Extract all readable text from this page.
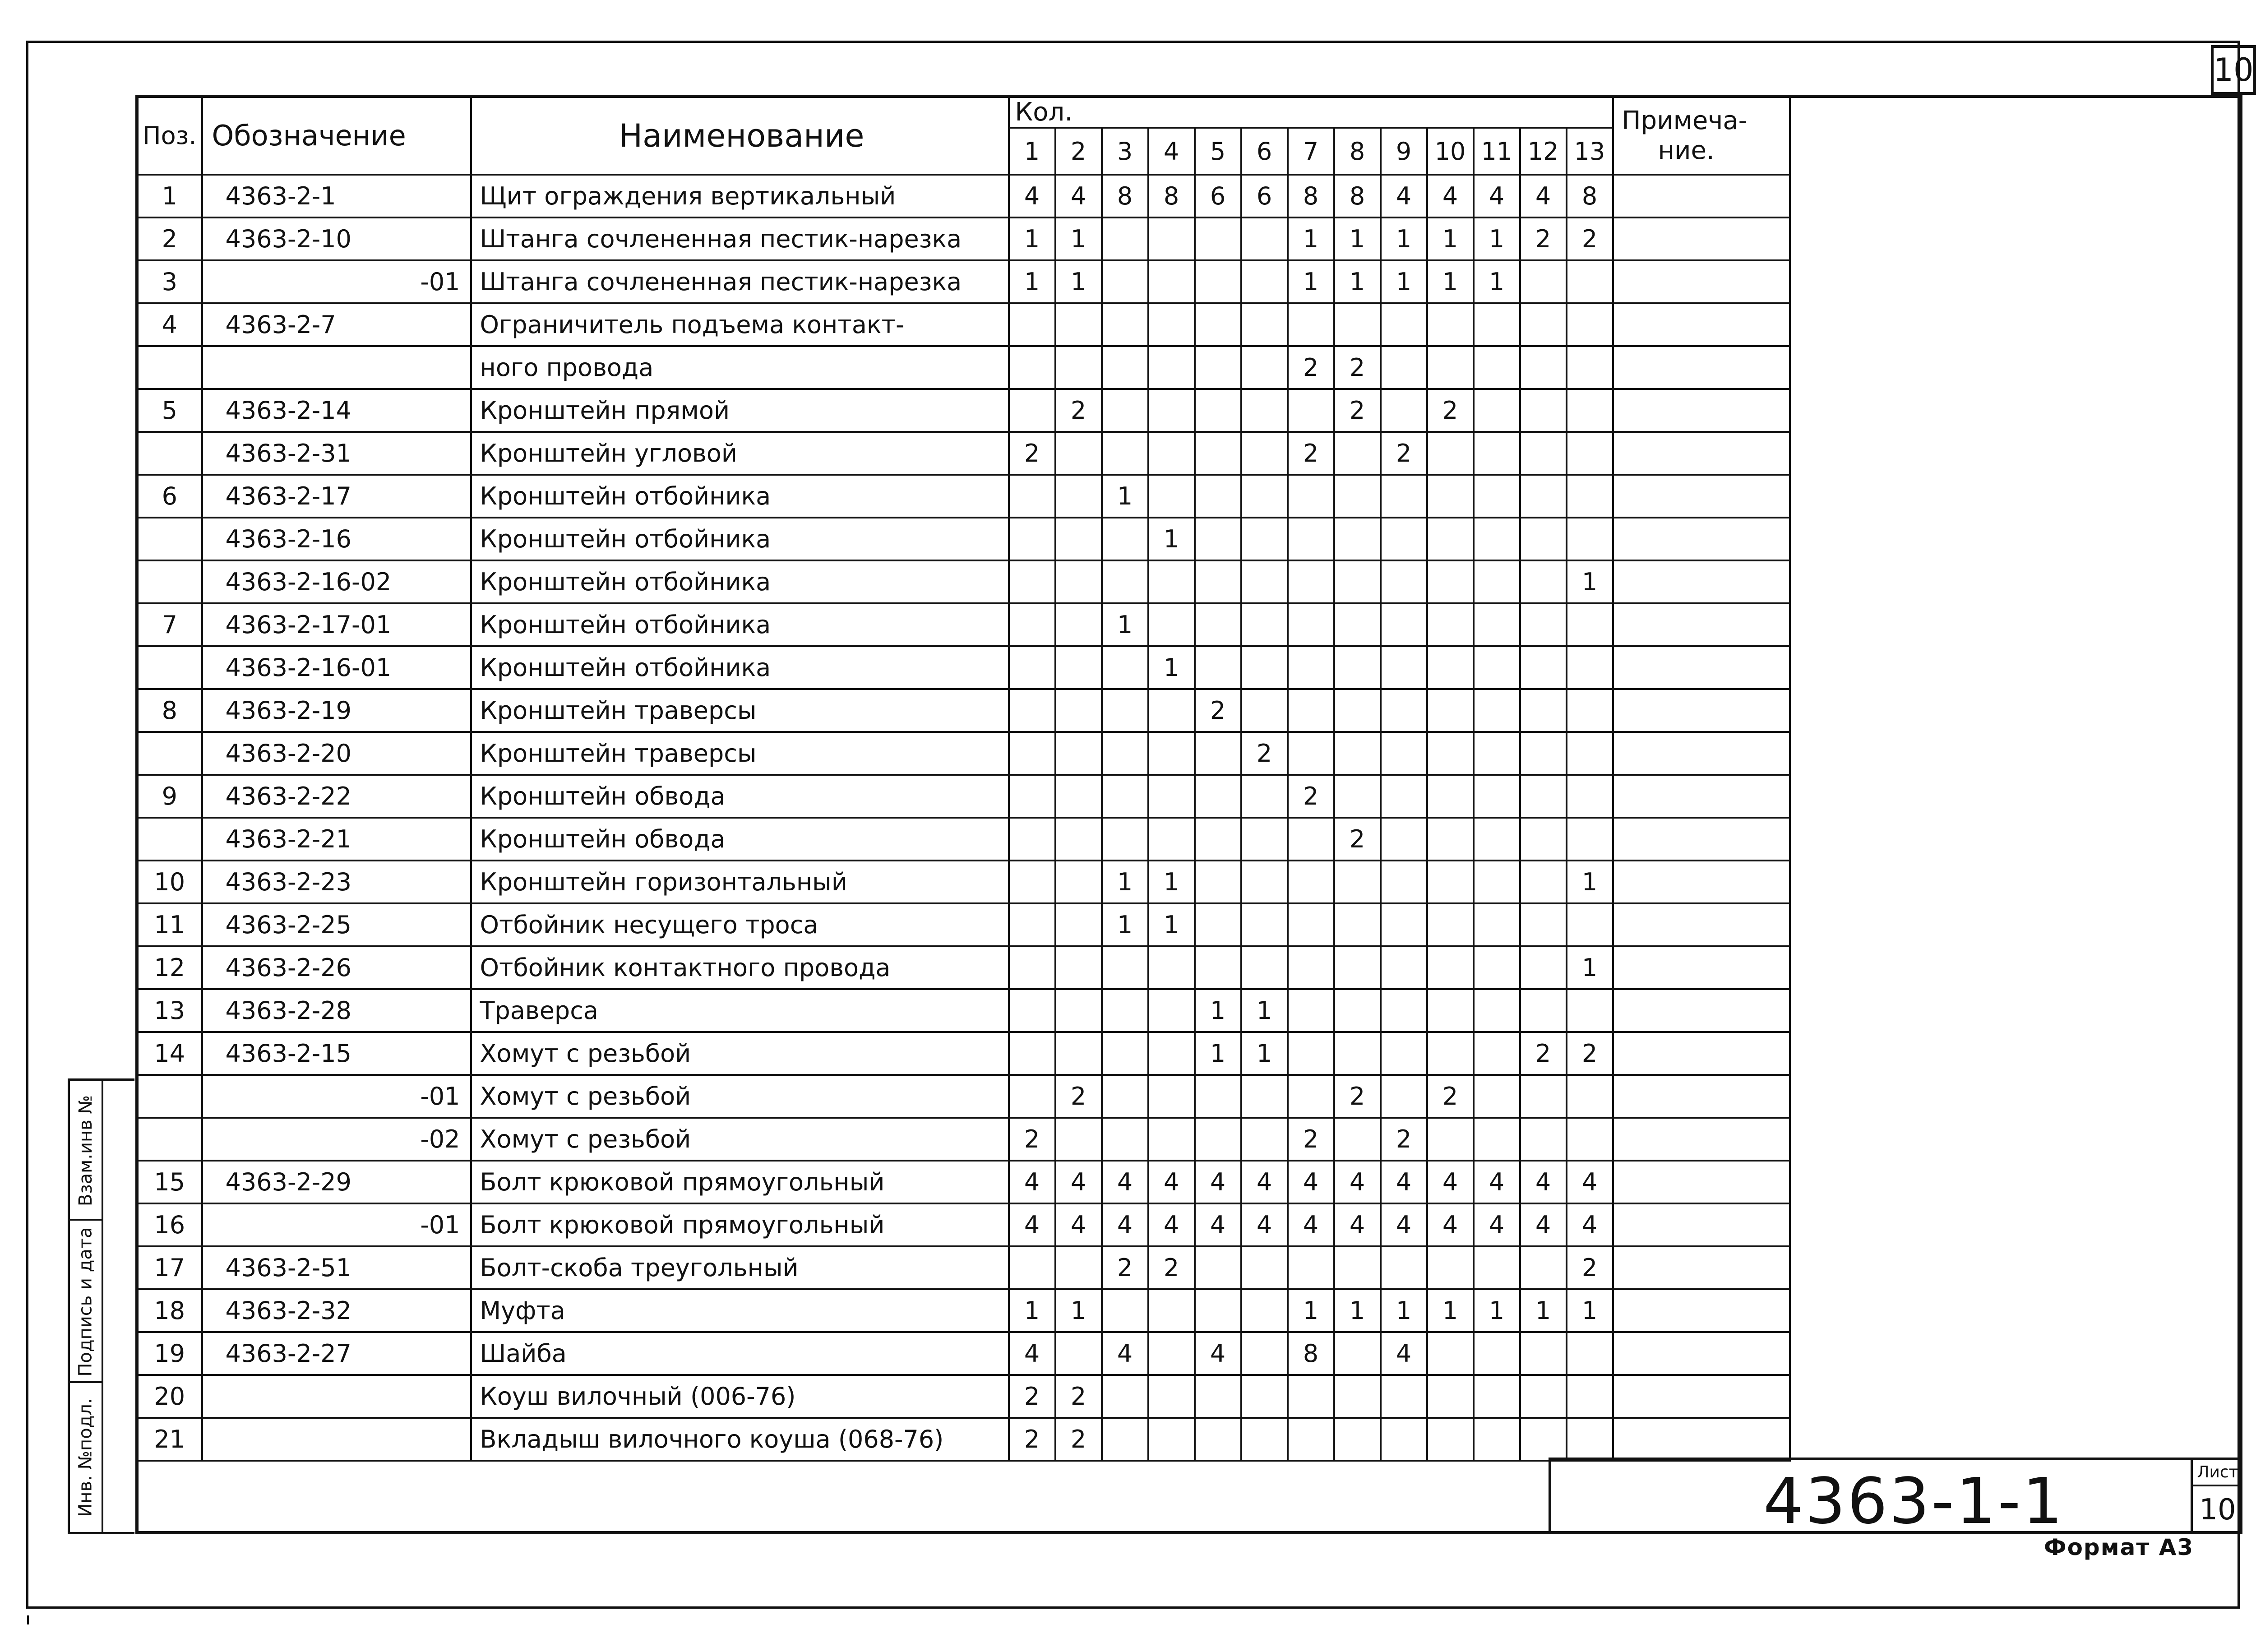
10
Поз.	Обозначение	Наименование	Кол.													Примеча-
ние.

			1	2	3	4	5	6	7	8	9	10	11	12	13	
1	4363-2-1	Щит ограждения вертикальный	4	4	8	8	6	6	8	8	4	4	4	4	8	
2	4363-2-10	Штанга сочлененная пестик-нарезка	1	1					1	1	1	1	1	2	2	
3	-01	Штанга сочлененная пестик-нарезка	1	1					1	1	1	1	1			
4	4363-2-7	Ограничитель подъема контакт-														
		ного провода							2	2						
5	4363-2-14	Кронштейн прямой		2						2		2				
	4363-2-31	Кронштейн угловой	2						2		2					
6	4363-2-17	Кронштейн отбойника			1											
	4363-2-16	Кронштейн отбойника				1										
	4363-2-16-02	Кронштейн отбойника													1	
7	4363-2-17-01	Кронштейн отбойника			1											
	4363-2-16-01	Кронштейн отбойника				1										
8	4363-2-19	Кронштейн траверсы					2									
	4363-2-20	Кронштейн траверсы						2								
9	4363-2-22	Кронштейн обвода							2							
	4363-2-21	Кронштейн обвода								2						
10	4363-2-23	Кронштейн горизонтальный			1	1									1	
11	4363-2-25	Отбойник несущего троса			1	1										
12	4363-2-26	Отбойник контактного провода													1	
13	4363-2-28	Траверса					1	1								
14	4363-2-15	Хомут с резьбой					1	1						2	2	
	-01	Хомут с резьбой		2						2		2				
	-02	Хомут с резьбой	2						2		2					
15	4363-2-29	Болт крюковой прямоугольный	4	4	4	4	4	4	4	4	4	4	4	4	4	
16	-01	Болт крюковой прямоугольный	4	4	4	4	4	4	4	4	4	4	4	4	4	
17	4363-2-51	Болт-скоба треугольный			2	2									2	
18	4363-2-32	Муфта	1	1					1	1	1	1	1	1	1	
19	4363-2-27	Шайба	4		4		4		8		4					
20		Коуш вилочный (006-76)	2	2												
21		Вкладыш вилочного коуша (068-76)	2	2												
Взам.инв №
Подпись и дата
Инв. №подл.	4363-1-1	Лист
10
Формат А3
